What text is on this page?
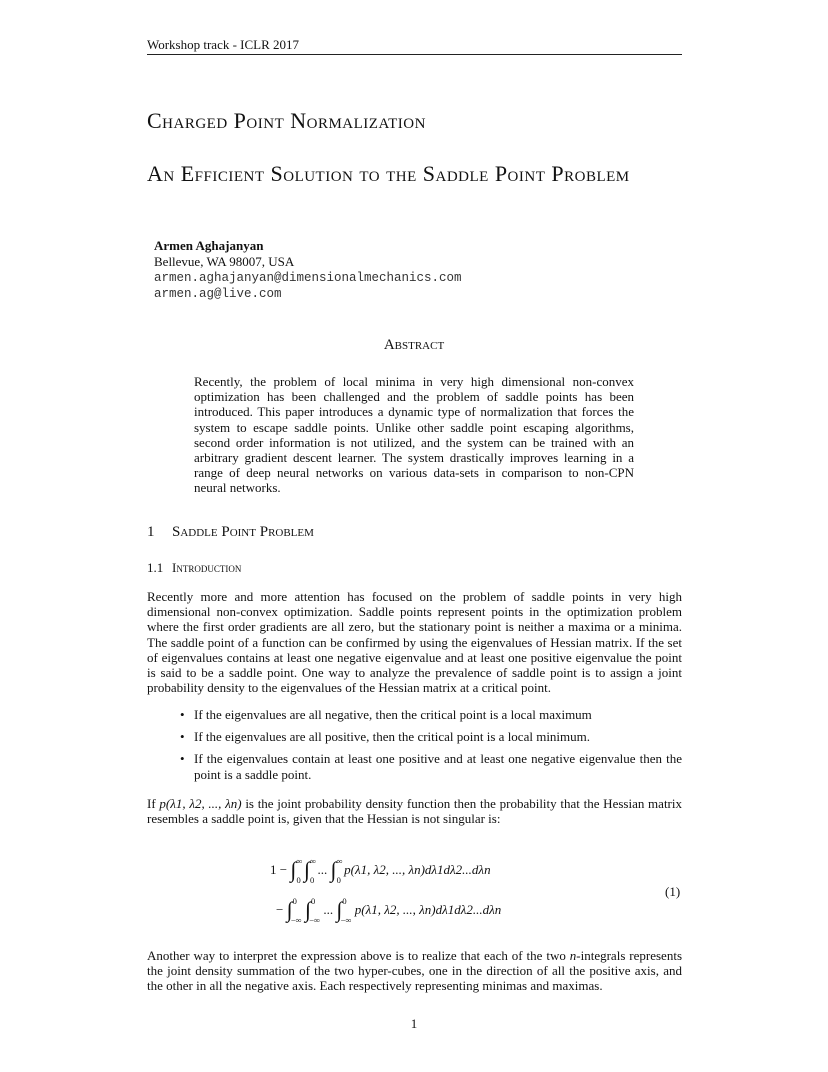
Workshop track - ICLR 2017
Charged Point Normalization
An Efficient Solution to the Saddle Point Problem
Armen Aghajanyan
Bellevue, WA 98007, USA
armen.aghajanyan@dimensionalmechanics.com
armen.ag@live.com
Abstract
Recently, the problem of local minima in very high dimensional non-convex optimization has been challenged and the problem of saddle points has been introduced. This paper introduces a dynamic type of normalization that forces the system to escape saddle points. Unlike other saddle point escaping algorithms, second order information is not utilized, and the system can be trained with an arbitrary gradient descent learner. The system drastically improves learning in a range of deep neural networks on various data-sets in comparison to non-CPN neural networks.
1 Saddle Point Problem
1.1 Introduction
Recently more and more attention has focused on the problem of saddle points in very high dimensional non-convex optimization. Saddle points represent points in the optimization problem where the first order gradients are all zero, but the stationary point is neither a maxima or a minima. The saddle point of a function can be confirmed by using the eigenvalues of Hessian matrix. If the set of eigenvalues contains at least one negative eigenvalue and at least one positive eigenvalue the point is said to be a saddle point. One way to analyze the prevalence of saddle point is to assign a joint probability density to the eigenvalues of the Hessian matrix at a critical point.
• If the eigenvalues are all negative, then the critical point is a local maximum
• If the eigenvalues are all positive, then the critical point is a local minimum.
• If the eigenvalues contain at least one positive and at least one negative eigenvalue then the point is a saddle point.
If p(λ1, λ2, ..., λn) is the joint probability density function then the probability that the Hessian matrix resembles a saddle point is, given that the Hessian is not singular is:
$1 - \int^\infty_0$ $\int^\infty_0$ ... $\int^\infty_0$ p(λ1, λ2, ..., λn)dλ1dλ2...dλn
− ∫$^0_{-\infty}$ ∫$^0_{-\infty}$ ... ∫$^0_{-\infty}$ p(λ1, λ2, ..., λn)dλ1dλ2...dλn
(1)
Another way to interpret the expression above is to realize that each of the two n-integrals represents the joint density summation of the two hyper-cubes, one in the direction of all the positive axis, and the other in all the negative axis. Each respectively representing minimas and maximas.
1
